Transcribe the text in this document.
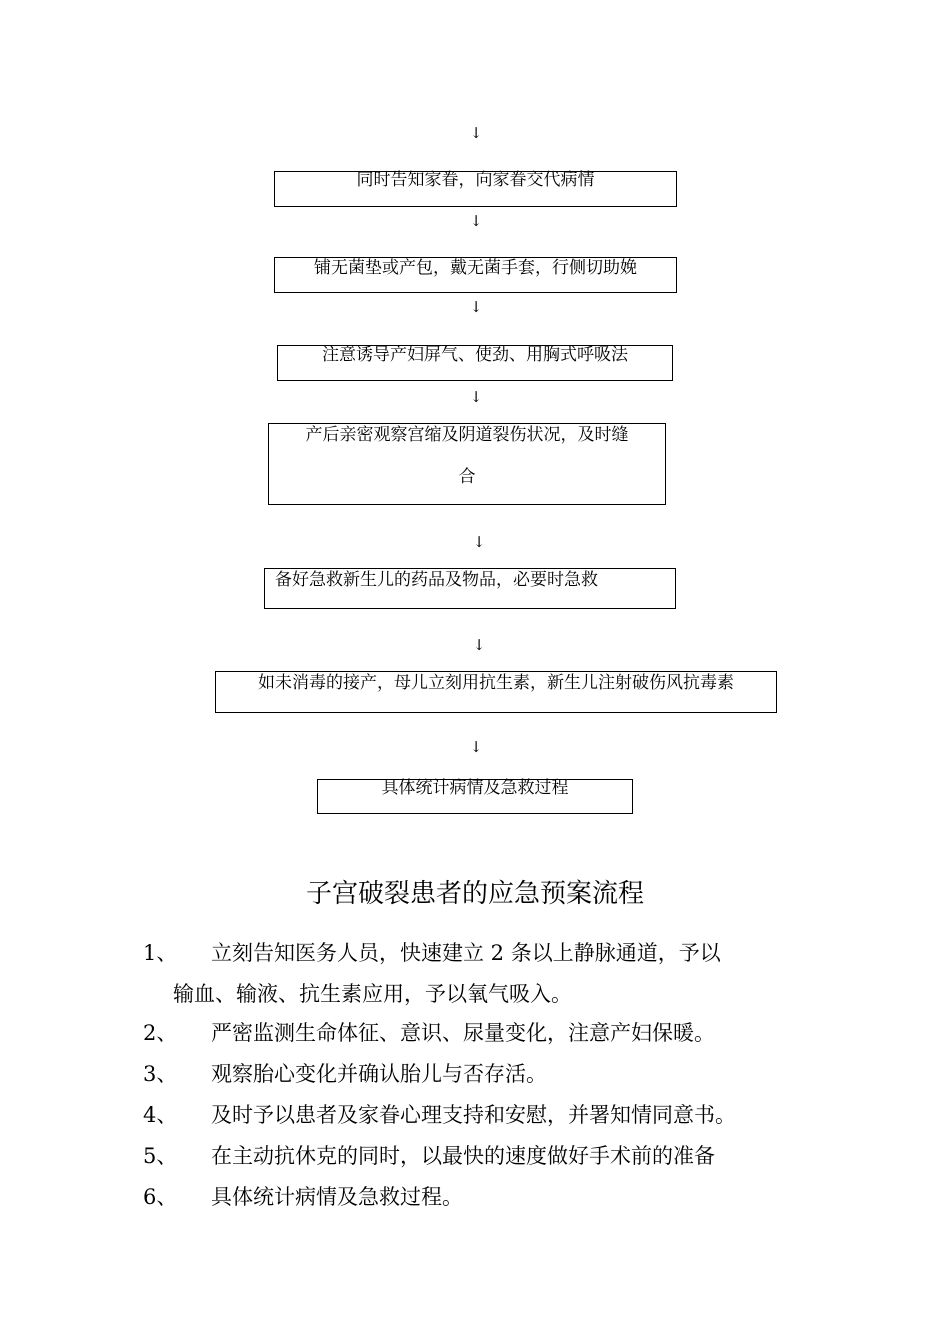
↓
↓
↓
↓
↓
↓
↓
同时告知家眷，向家眷交代病情
铺无菌垫或产包，戴无菌手套，行侧切助娩
注意诱导产妇屏气、使劲、用胸式呼吸法
产后亲密观察宫缩及阴道裂伤状况，及时缝
合
备好急救新生儿的药品及物品，必要时急救
如未消毒的接产，母儿立刻用抗生素，新生儿注射破伤风抗毒素
具体统计病情及急救过程
子宫破裂患者的应急预案流程
1、 立刻告知医务人员，快速建立 2 条以上静脉通道，予以
输血、输液、抗生素应用，予以氧气吸入。
2、 严密监测生命体征、意识、尿量变化，注意产妇保暖。
3、 观察胎心变化并确认胎儿与否存活。
4、 及时予以患者及家眷心理支持和安慰，并署知情同意书。
5、 在主动抗休克的同时，以最快的速度做好手术前的准备
6、 具体统计病情及急救过程。
